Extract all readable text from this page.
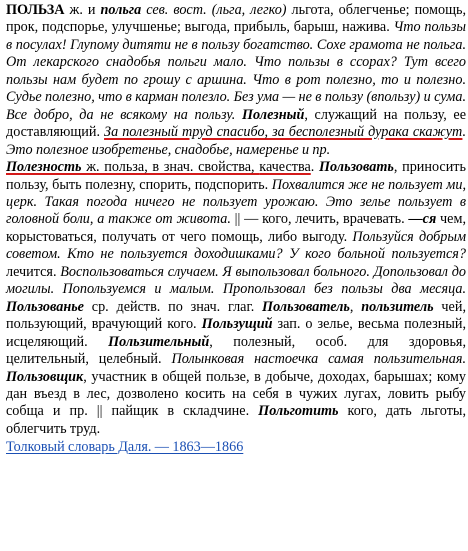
ПОЛЬЗА ж. и польга сев. вост. (льга, легко) льгота, облегченье; помощь, прок, подспорье, улучшенье; выгода, прибыль, барыш, нажива. Что пользы в посулах! Глупому дитяти не в пользу богатство. Сохе грамота не польга. От лекарского снадобья польги мало. Что пользы в ссорах? Тут всего пользы нам будет по грошу с аршина. Что в рот полезно, то и полезно. Судье полезно, что в карман полезло. Без ума — не в пользу (впользу) и сума. Все добро, да не всякому на пользу. Полезный, служащий на пользу, ее доставляющий. За полезный труд спасибо, за бесполезный дурака скажут. Это полезное изобретенье, снадобье, намеренье и пр.
Полезность ж. польза, в знач. свойства, качества. Пользовать, приносить пользу, быть полезну, спорить, подспорить. Похвалится же не пользует ми, церк. Такая погода ничего не пользует урожаю. Это зелье пользует в головной боли, а также от живота. || — кого, лечить, врачевать. —ся чем, корыстоваться, получать от чего помощь, либо выгоду. Пользуйся добрым советом. Кто не пользуется доходишками? У кого больной пользуется? лечится. Воспользоваться случаем. Я выпользовал больного. Допользовал до могилы. Попользуемся и малым. Пропользовал без пользы два месяца. Пользованье ср. действ. по знач. глаг. Пользователь, пользитель чей, пользующий, врачующий кого. Пользущий зап. о зелье, весьма полезный, исцеляющий. Пользительный, полезный, особ. для здоровья, целительный, целебный. Полынковая настоечка самая пользительная. Пользовщик, участник в общей пользе, в добыче, доходах, барышах; кому дан въезд в лес, дозволено косить на себя в чужих лугах, ловить рыбу собща и пр. || пайщик в складчине. Польготить кого, дать льготы, облегчить труд.

Толковый словарь Даля. — 1863—1866
